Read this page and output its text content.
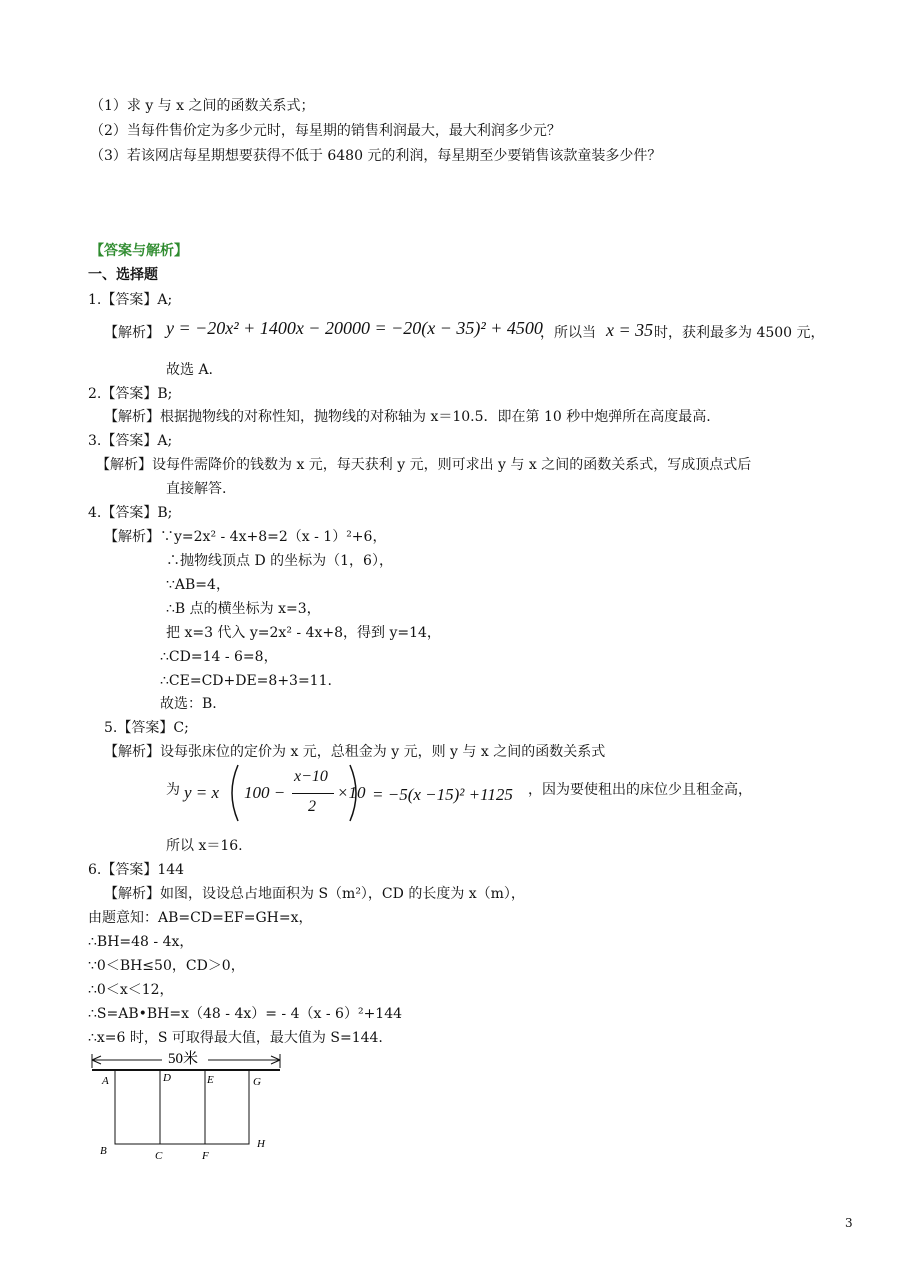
（1）求 y 与 x 之间的函数关系式；
（2）当每件售价定为多少元时，每星期的销售利润最大，最大利润多少元？
（3）若该网店每星期想要获得不低于 6480 元的利润，每星期至少要销售该款童装多少件？
【答案与解析】
一、选择题
1.【答案】A;
【解析】 y = −20x² + 1400x − 20000 = −20(x − 35)² + 4500
，所以当 x = 35 时，获利最多为 4500 元，
故选 A.
2.【答案】B;
【解析】根据抛物线的对称性知，抛物线的对称轴为 x＝10.5．即在第 10 秒中炮弹所在高度最高.
3.【答案】A;
【解析】设每件需降价的钱数为 x 元，每天获利 y 元，则可求出 y 与 x 之间的函数关系式，写成顶点式后
直接解答.
4.【答案】B;
【解析】∵y=2x² - 4x+8=2（x - 1）²+6，
∴抛物线顶点 D 的坐标为（1，6），
∵AB=4，
∴B 点的横坐标为 x=3，
把 x=3 代入 y=2x² - 4x+8，得到 y=14，
∴CD=14 - 6=8，
∴CE=CD+DE=8+3=11.
故选：B.
5.【答案】C;
【解析】设每张床位的定价为 x 元，总租金为 y 元，则 y 与 x 之间的函数关系式
为 y = x 100 −
x−10
2
×10 = −5(x −15)² +1125 ，因为要使租出的床位少且租金高，
所以 x＝16.
6.【答案】144
【解析】如图，设设总占地面积为 S（m²），CD 的长度为 x（m），
由题意知：AB=CD=EF=GH=x，
∴BH=48 - 4x，
∵0＜BH≤50，CD＞0，
∴0＜x＜12，
∴S=AB•BH=x（48 - 4x）= - 4（x - 6）²+144
∴x=6 时，S 可取得最大值，最大值为 S=144.
50米
A	D	E	G
B	C	F
H
3
